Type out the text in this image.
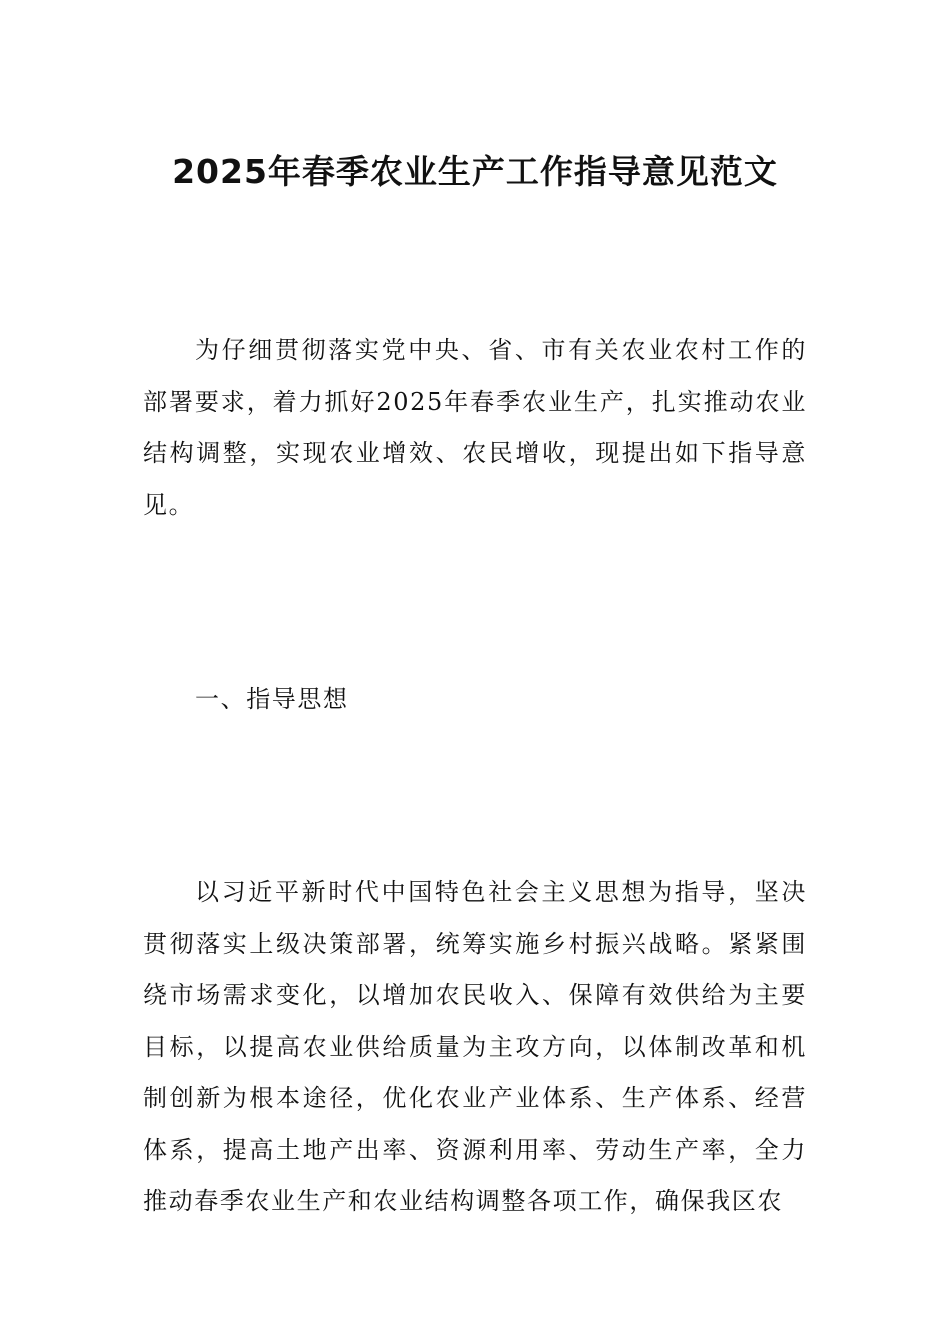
2025年春季农业生产工作指导意见范文

为仔细贯彻落实党中央、省、市有关农业农村工作的部署要求，着力抓好2025年春季农业生产，扎实推动农业结构调整，实现农业增效、农民增收，现提出如下指导意见。

一、指导思想

以习近平新时代中国特色社会主义思想为指导，坚决贯彻落实上级决策部署，统筹实施乡村振兴战略。紧紧围绕市场需求变化，以增加农民收入、保障有效供给为主要目标，以提高农业供给质量为主攻方向，以体制改革和机制创新为根本途径，优化农业产业体系、生产体系、经营体系，提高土地产出率、资源利用率、劳动生产率，全力推动春季农业生产和农业结构调整各项工作，确保我区农
